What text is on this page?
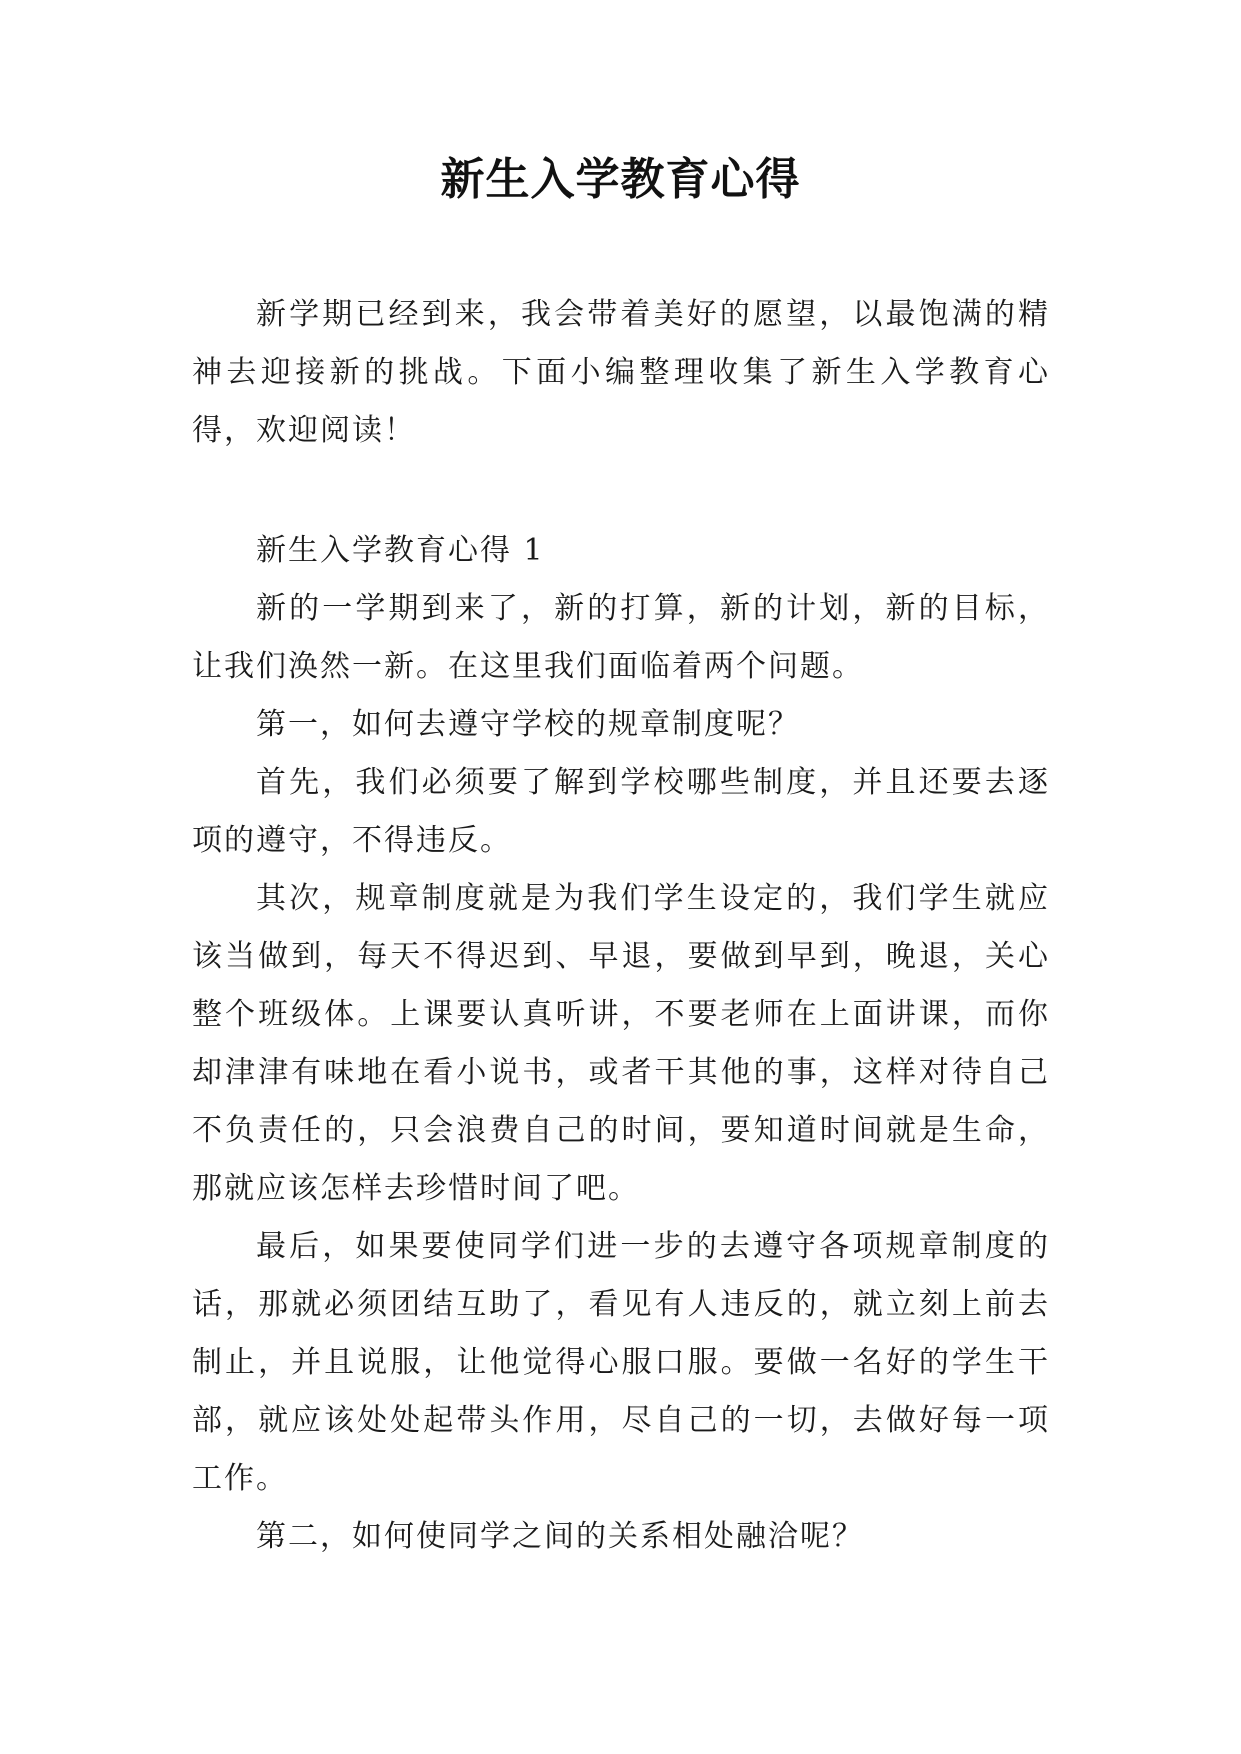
新生入学教育心得

新学期已经到来，我会带着美好的愿望，以最饱满的精神去迎接新的挑战。下面小编整理收集了新生入学教育心得，欢迎阅读！

新生入学教育心得 1

新的一学期到来了，新的打算，新的计划，新的目标，让我们涣然一新。在这里我们面临着两个问题。

第一，如何去遵守学校的规章制度呢？

首先，我们必须要了解到学校哪些制度，并且还要去逐项的遵守，不得违反。

其次，规章制度就是为我们学生设定的，我们学生就应该当做到，每天不得迟到、早退，要做到早到，晚退，关心整个班级体。上课要认真听讲，不要老师在上面讲课，而你却津津有味地在看小说书，或者干其他的事，这样对待自己不负责任的，只会浪费自己的时间，要知道时间就是生命，那就应该怎样去珍惜时间了吧。

最后，如果要使同学们进一步的去遵守各项规章制度的话，那就必须团结互助了，看见有人违反的，就立刻上前去制止，并且说服，让他觉得心服口服。要做一名好的学生干部，就应该处处起带头作用，尽自己的一切，去做好每一项工作。

第二，如何使同学之间的关系相处融洽呢？
